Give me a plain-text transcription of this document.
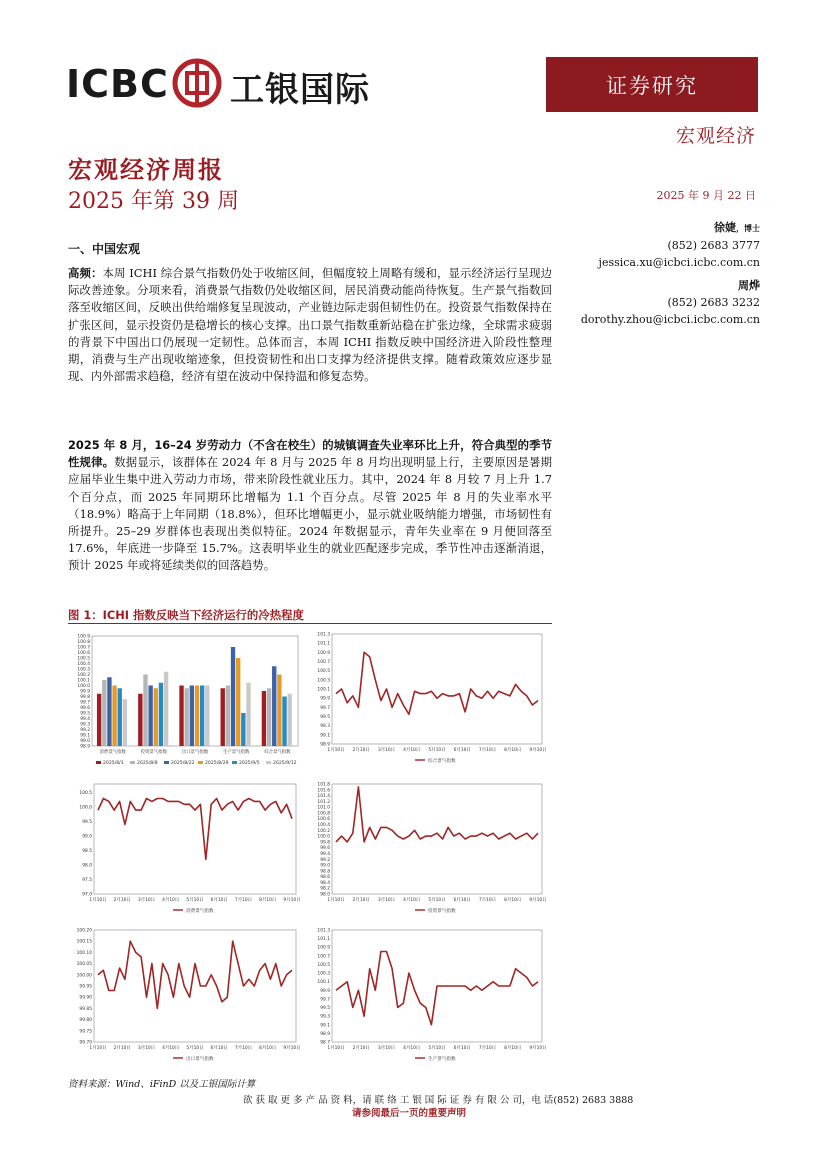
ICBC 工银国际	证券研究
宏观经济
宏观经济周报
2025 年第 39 周	2025 年 9 月 22 日
徐婕，博士
(852) 2683 3777
jessica.xu@icbci.icbc.com.cn
周烨
(852) 2683 3232
dorothy.zhou@icbci.icbc.com.cn
一、中国宏观
高频：本周 ICHI 综合景气指数仍处于收缩区间，但幅度较上周略有缓和，显示经济运行呈现边际改善迹象。分项来看，消费景气指数仍处收缩区间，居民消费动能尚待恢复。生产景气指数回落至收缩区间，反映出供给端修复呈现波动，产业链边际走弱但韧性仍在。投资景气指数保持在扩张区间，显示投资仍是稳增长的核心支撑。出口景气指数重新站稳在扩张边缘，全球需求疲弱的背景下中国出口仍展现一定韧性。总体而言，本周 ICHI 指数反映中国经济进入阶段性整理期，消费与生产出现收缩迹象，但投资韧性和出口支撑为经济提供支撑。随着政策效应逐步显现、内外部需求趋稳，经济有望在波动中保持温和修复态势。
2025 年 8 月，16–24 岁劳动力（不含在校生）的城镇调查失业率环比上升，符合典型的季节性规律。数据显示，该群体在 2024 年 8 月与 2025 年 8 月均出现明显上行，主要原因是暑期应届毕业生集中进入劳动力市场，带来阶段性就业压力。其中，2024 年 8 月较 7 月上升 1.7 个百分点，而 2025 年同期环比增幅为 1.1 个百分点。尽管 2025 年 8 月的失业率水平（18.9%）略高于上年同期（18.8%），但环比增幅更小，显示就业吸纳能力增强，市场韧性有所提升。25–29 岁群体也表现出类似特征。2024 年数据显示，青年失业率在 9 月便回落至 17.6%，年底进一步降至 15.7%。这表明毕业生的就业匹配逐步完成，季节性冲击逐渐消退，预计 2025 年或将延续类似的回落趋势。
图 1：ICHI 指数反映当下经济运行的冷热程度
98.9
99.0
99.1
99.2
99.3
99.4
99.5
99.6
99.7
99.8
99.9
100.0
100.1
100.2
100.3
100.4
100.5
100.6
100.7
100.8
100.9
消费景气指数	投资景气指数	出口景气指数	生产景气指数	综合景气指数
2025/8/1	2025/8/8	2025/8/22 2025/8/29 2025/9/5	2025/9/12
98.9
99.1
99.3
99.5
99.7
99.9
100.1
100.3
100.5
100.7
100.9
101.1
101.3
1月10日 2月10日 3月10日 4月10日 5月10日 6月10日 7月10日 8月10日 9月10日
综合景气指数
97.0
97.5
98.0
98.5
99.0
99.5
100.0
100.5
1月10日 2月10日 3月10日 4月10日 5月10日 6月10日 7月10日 8月10日 9月10日
消费景气指数
98.0
98.2
98.4
98.6
98.8
99.0
99.2
99.4
99.6
99.8
100.0
100.2
100.4
100.6
100.8
101.0
101.2
101.4
101.6
101.8
1月10日 2月10日 3月10日 4月10日 5月10日 6月10日 7月10日 8月10日 9月10日
投资景气指数
99.70
99.75
99.80
99.85
99.90
99.95
100.00
100.05
100.10
100.15
100.20
1月10日 2月10日 3月10日 4月10日 5月10日 6月10日 7月10日 8月10日 9月10日
出口景气指数
98.7
98.9
99.1
99.3
99.5
99.7
99.9
100.1
100.3
100.5
100.7
100.9
101.1
101.3
1月10日 2月10日 3月10日 4月10日 5月10日 6月10日 7月10日 8月10日 9月10日
生产景气指数
资料来源：Wind、iFinD 以及工银国际计算
欲 获 取 更 多 产 品 资 料，请 联 络 工 银 国 际 证 券 有 限 公 司，电 话(852) 2683 3888
请参阅最后一页的重要声明
